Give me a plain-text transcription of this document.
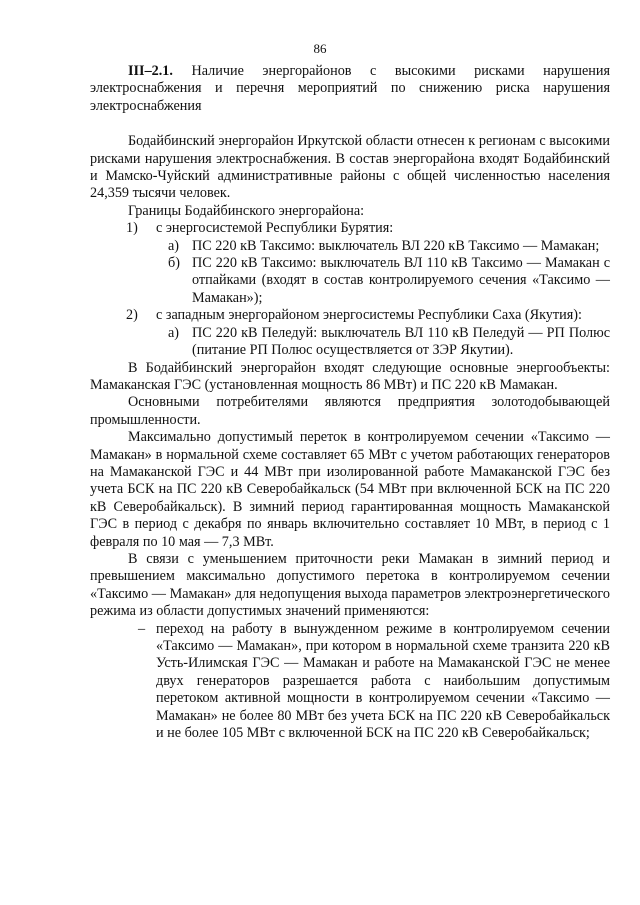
86

III–2.1. Наличие энергорайонов с высокими рисками нарушения электроснабжения и перечня мероприятий по снижению риска нарушения электроснабжения

Бодайбинский энергорайон Иркутской области отнесен к регионам с высокими рисками нарушения электроснабжения. В состав энергорайона входят Бодайбинский и Мамско-Чуйский административные районы с общей численностью населения 24,359 тысячи человек.

Границы Бодайбинского энергорайона:

1)	с энергосистемой Республики Бурятия:
а) ПС 220 кВ Таксимо: выключатель ВЛ 220 кВ Таксимо — Мамакан;
б) ПС 220 кВ Таксимо: выключатель ВЛ 110 кВ Таксимо — Мамакан с отпайками (входят в состав контролируемого сечения «Таксимо — Мамакан»);
2)	с западным энергорайоном энергосистемы Республики Саха (Якутия):
а) ПС 220 кВ Пеледуй: выключатель ВЛ 110 кВ Пеледуй — РП Полюс (питание РП Полюс осуществляется от ЗЭР Якутии).

В Бодайбинский энергорайон входят следующие основные энергообъекты: Мамаканская ГЭС (установленная мощность 86 МВт) и ПС 220 кВ Мамакан.

Основными потребителями являются предприятия золотодобывающей промышленности.

Максимально допустимый переток в контролируемом сечении «Таксимо — Мамакан» в нормальной схеме составляет 65 МВт с учетом работающих генераторов на Мамаканской ГЭС и 44 МВт при изолированной работе Мамаканской ГЭС без учета БСК на ПС 220 кВ Северобайкальск (54 МВт при включенной БСК на ПС 220 кВ Северобайкальск). В зимний период гарантированная мощность Мамаканской ГЭС в период с декабря по январь включительно составляет 10 МВт, в период с 1 февраля по 10 мая — 7,3 МВт.

В связи с уменьшением приточности реки Мамакан в зимний период и превышением максимально допустимого перетока в контролируемом сечении «Таксимо — Мамакан» для недопущения выхода параметров электроэнергетического режима из области допустимых значений применяются:

– переход на работу в вынужденном режиме в контролируемом сечении «Таксимо — Мамакан», при котором в нормальной схеме транзита 220 кВ Усть-Илимская ГЭС — Мамакан и работе на Мамаканской ГЭС не менее двух генераторов разрешается работа с наибольшим допустимым перетоком активной мощности в контролируемом сечении «Таксимо — Мамакан» не более 80 МВт без учета БСК на ПС 220 кВ Северобайкальск и не более 105 МВт с включенной БСК на ПС 220 кВ Северобайкальск;
